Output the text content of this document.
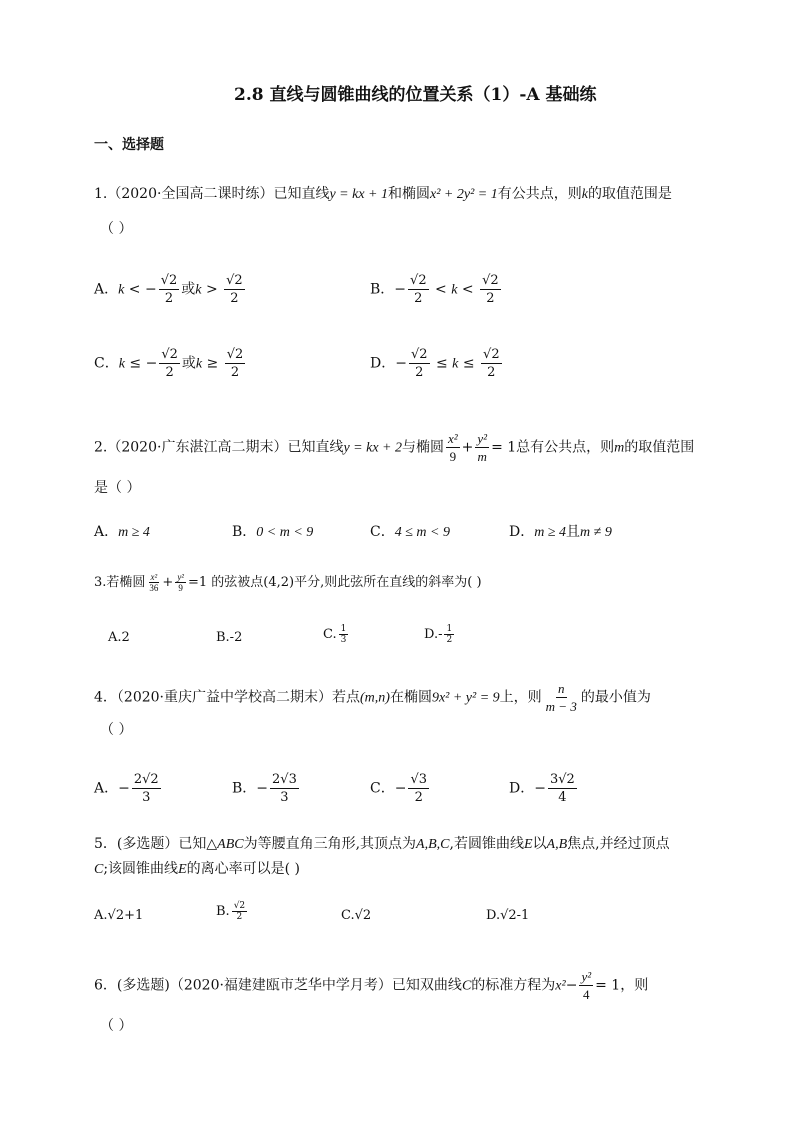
2.8 直线与圆锥曲线的位置关系（1）-A 基础练
一、选择题
1.（2020·全国高二课时练）已知直线y = kx + 1和椭圆x² + 2y² = 1有公共点，则k的取值范围是
（ ）
A．k < − $\frac{√2}{2}$ 或$k > \frac{√2}{2}$	B．− $\frac{√2}{2} < k < \frac{√2}{2}$
C．k ≤ − $\frac{√2}{2}$ 或$k \ge \frac{√2}{2}$	D．− $\frac{√2}{2} \le k \le \frac{√2}{2}$
2.（2020·广东湛江高二期末）已知直线y = kx + 2与椭圆 $\frac{\text{x²}}{9} + \frac{\text{y²}}{m} = 1$总有公共点，则m的取值范围
是（ ）
A．m ≥ 4	B．0 < m < 9	C．4 ≤ m < 9	D．m ≥ 4且m ≠ 9
3.若椭圆 $\frac{\text{x²}}{36} + \frac{\text{y²}}{9} =1$ 的弦被点(4,2)平分,则此弦所在直线的斜率为( )
A.2	B.-2	C. $\frac{1}{3}$	$D.- \frac{1}{2}$
4．（2020·重庆广益中学校高二期末）若点(m,n)在椭圆9x² + y² = 9上，则 $\frac{n}{m - 3}$ 的最小值为
（ ）
A．− $\frac{2√2}{3}$	B．− $\frac{2√3}{3}$	C．− $\frac{√3}{2}$	D．− $\frac{3√2}{4}$
5．(多选题）已知△ABC为等腰直角三角形,其顶点为A,B,C,若圆锥曲线E以A,B焦点,并经过顶点
C;该圆锥曲线E的离心率可以是( )
A.√2+1	B. $\frac{√2}{2}$	C.√2	D.√2-1
6．(多选题)（2020·福建建瓯市芝华中学月考）已知双曲线C的标准方程为$x^2- \frac{\text{y²}}{4} = 1$，则
（ ）
